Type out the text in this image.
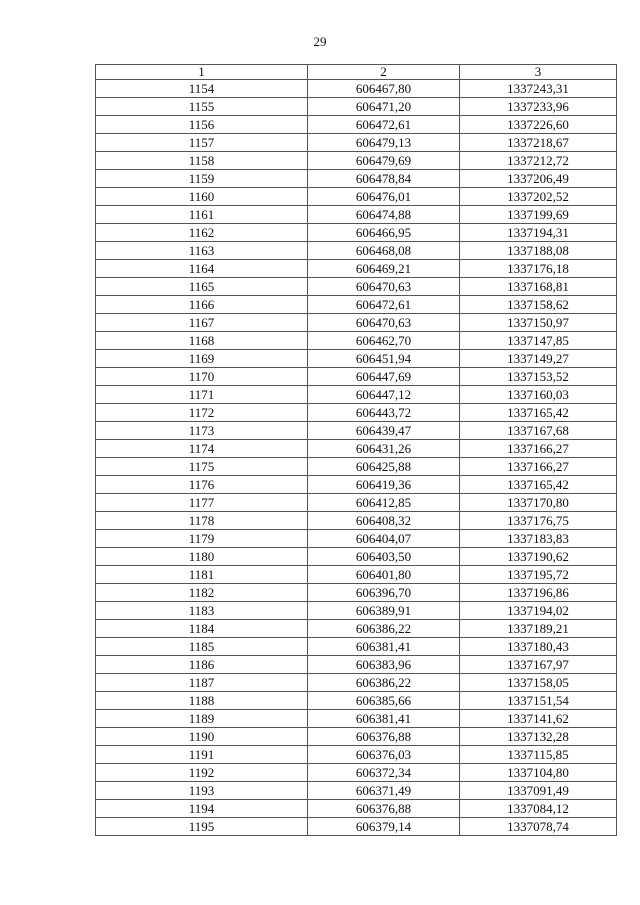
29
1	2	3
1154	606467,80	1337243,31
1155	606471,20	1337233,96
1156	606472,61	1337226,60
1157	606479,13	1337218,67
1158	606479,69	1337212,72
1159	606478,84	1337206,49
1160	606476,01	1337202,52
1161	606474,88	1337199,69
1162	606466,95	1337194,31
1163	606468,08	1337188,08
1164	606469,21	1337176,18
1165	606470,63	1337168,81
1166	606472,61	1337158,62
1167	606470,63	1337150,97
1168	606462,70	1337147,85
1169	606451,94	1337149,27
1170	606447,69	1337153,52
1171	606447,12	1337160,03
1172	606443,72	1337165,42
1173	606439,47	1337167,68
1174	606431,26	1337166,27
1175	606425,88	1337166,27
1176	606419,36	1337165,42
1177	606412,85	1337170,80
1178	606408,32	1337176,75
1179	606404,07	1337183,83
1180	606403,50	1337190,62
1181	606401,80	1337195,72
1182	606396,70	1337196,86
1183	606389,91	1337194,02
1184	606386,22	1337189,21
1185	606381,41	1337180,43
1186	606383,96	1337167,97
1187	606386,22	1337158,05
1188	606385,66	1337151,54
1189	606381,41	1337141,62
1190	606376,88	1337132,28
1191	606376,03	1337115,85
1192	606372,34	1337104,80
1193	606371,49	1337091,49
1194	606376,88	1337084,12
1195	606379,14	1337078,74
